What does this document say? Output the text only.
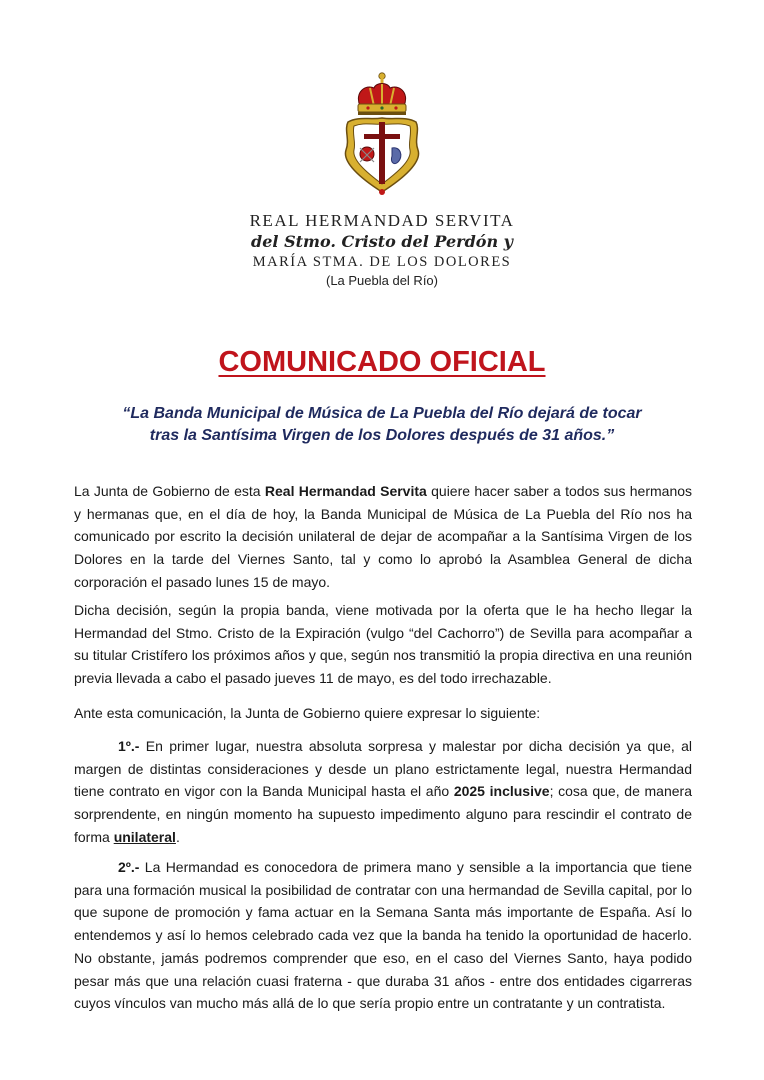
REAL HERMANDAD SERVITA
del Stmo. Cristo del Perdón y
MARÍA STMA. DE LOS DOLORES
(La Puebla del Río)
COMUNICADO OFICIAL
“La Banda Municipal de Música de La Puebla del Río dejará de tocar
tras la Santísima Virgen de los Dolores después de 31 años.”
La Junta de Gobierno de esta Real Hermandad Servita quiere hacer saber a todos sus hermanos y hermanas que, en el día de hoy, la Banda Municipal de Música de La Puebla del Río nos ha comunicado por escrito la decisión unilateral de dejar de acompañar a la Santísima Virgen de los Dolores en la tarde del Viernes Santo, tal y como lo aprobó la Asamblea General de dicha corporación el pasado lunes 15 de mayo.
Dicha decisión, según la propia banda, viene motivada por la oferta que le ha hecho llegar la Hermandad del Stmo. Cristo de la Expiración (vulgo “del Cachorro”) de Sevilla para acompañar a su titular Cristífero los próximos años y que, según nos transmitió la propia directiva en una reunión previa llevada a cabo el pasado jueves 11 de mayo, es del todo irrechazable.
Ante esta comunicación, la Junta de Gobierno quiere expresar lo siguiente:
1º.- En primer lugar, nuestra absoluta sorpresa y malestar por dicha decisión ya que, al margen de distintas consideraciones y desde un plano estrictamente legal, nuestra Hermandad tiene contrato en vigor con la Banda Municipal hasta el año 2025 inclusive; cosa que, de manera sorprendente, en ningún momento ha supuesto impedimento alguno para rescindir el contrato de forma unilateral.
2º.- La Hermandad es conocedora de primera mano y sensible a la importancia que tiene para una formación musical la posibilidad de contratar con una hermandad de Sevilla capital, por lo que supone de promoción y fama actuar en la Semana Santa más importante de España. Así lo entendemos y así lo hemos celebrado cada vez que la banda ha tenido la oportunidad de hacerlo. No obstante, jamás podremos comprender que eso, en el caso del Viernes Santo, haya podido pesar más que una relación cuasi fraterna - que duraba 31 años - entre dos entidades cigarreras cuyos vínculos van mucho más allá de lo que sería propio entre un contratante y un contratista.
